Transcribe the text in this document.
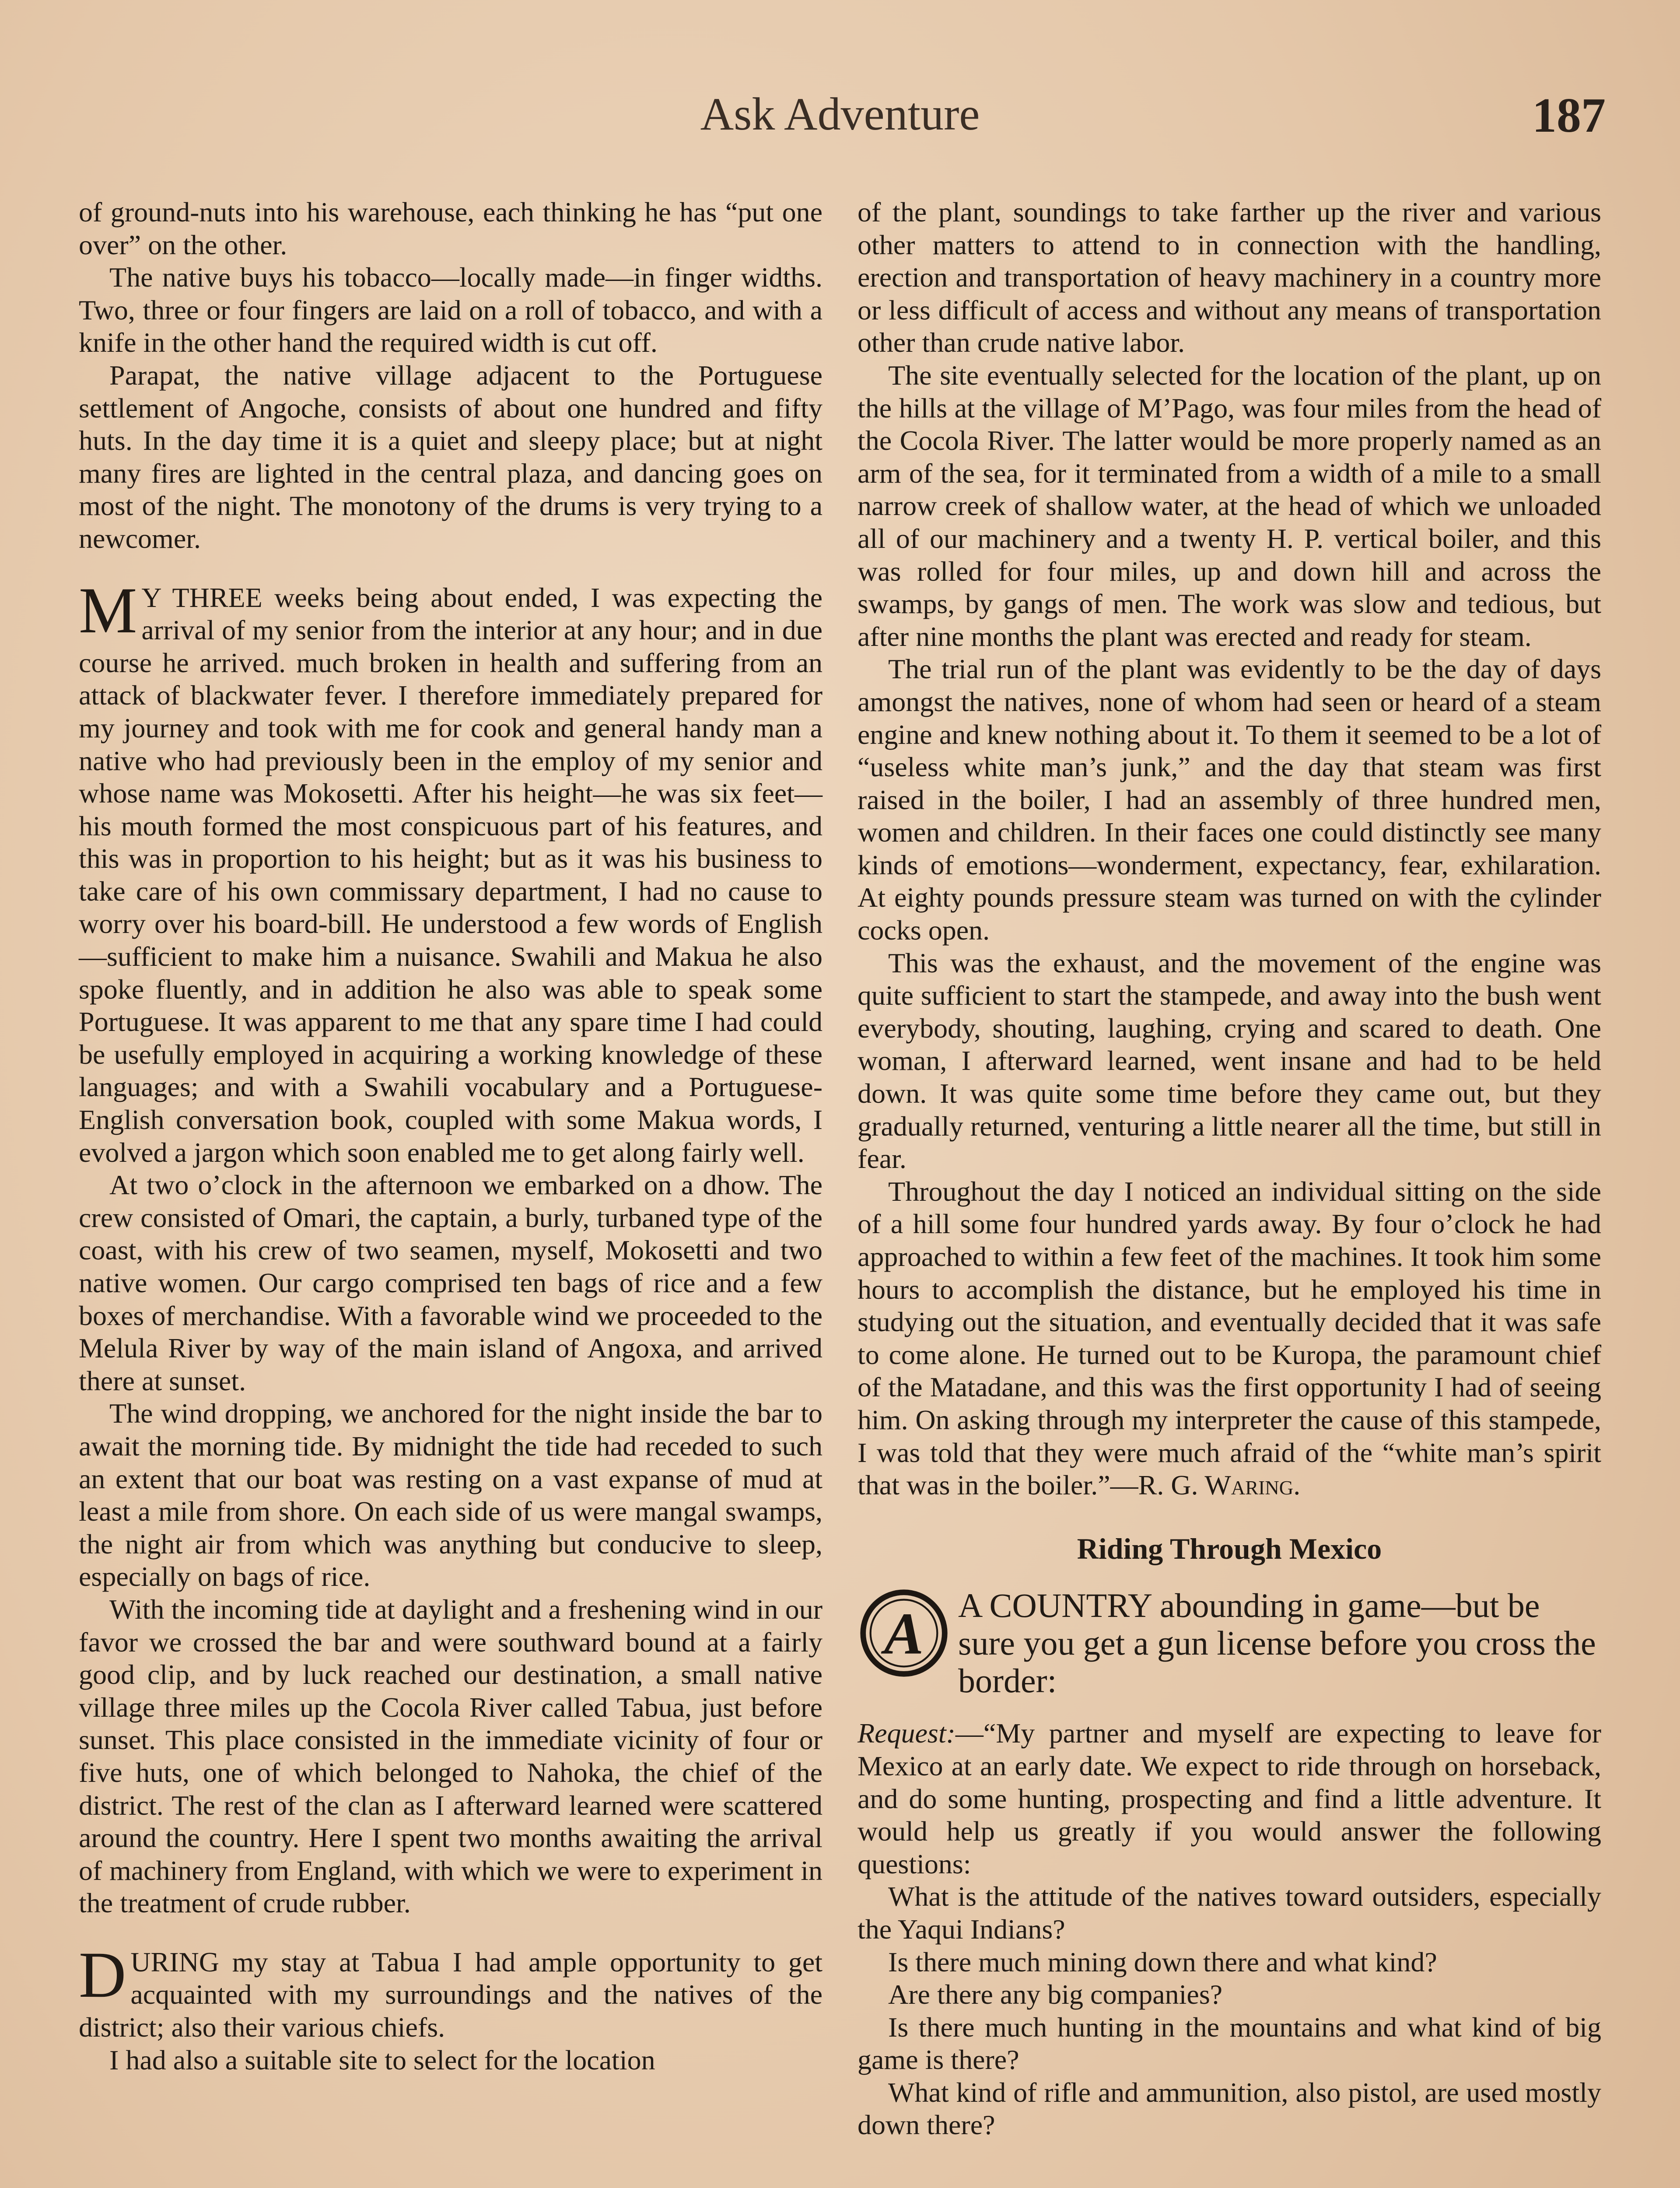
Ask Adventure	187

of ground-nuts into his warehouse, each thinking he has “put one over” on the other.

The native buys his tobacco—locally made—in finger widths. Two, three or four fingers are laid on a roll of tobacco, and with a knife in the other hand the required width is cut off.

Parapat, the native village adjacent to the Portuguese settlement of Angoche, consists of about one hundred and fifty huts. In the day time it is a quiet and sleepy place; but at night many fires are lighted in the central plaza, and dancing goes on most of the night. The monotony of the drums is very trying to a newcomer.

M Y THREE weeks being about ended, I was expecting the arrival of my senior from the interior at any hour; and in due course he arrived. much broken in health and suffering from an attack of blackwater fever. I therefore immediately prepared for my journey and took with me for cook and general handy man a native who had previously been in the employ of my senior and whose name was Mokosetti. After his height—he was six feet—his mouth formed the most conspicuous part of his features, and this was in proportion to his height; but as it was his business to take care of his own commissary department, I had no cause to worry over his board-bill. He understood a few words of English—sufficient to make him a nuisance. Swahili and Makua he also spoke fluently, and in addition he also was able to speak some Portuguese. It was apparent to me that any spare time I had could be usefully employed in acquiring a working knowledge of these languages; and with a Swahili vocabulary and a Portuguese-English conversation book, coupled with some Makua words, I evolved a jargon which soon enabled me to get along fairly well.

At two o’clock in the afternoon we embarked on a dhow. The crew consisted of Omari, the captain, a burly, turbaned type of the coast, with his crew of two seamen, myself, Mokosetti and two native women. Our cargo comprised ten bags of rice and a few boxes of merchandise. With a favorable wind we proceeded to the Melula River by way of the main island of Angoxa, and arrived there at sunset.

The wind dropping, we anchored for the night inside the bar to await the morning tide. By midnight the tide had receded to such an extent that our boat was resting on a vast expanse of mud at least a mile from shore. On each side of us were mangal swamps, the night air from which was anything but conducive to sleep, especially on bags of rice.

With the incoming tide at daylight and a freshening wind in our favor we crossed the bar and were southward bound at a fairly good clip, and by luck reached our destination, a small native village three miles up the Cocola River called Tabua, just before sunset. This place consisted in the immediate vicinity of four or five huts, one of which belonged to Nahoka, the chief of the district. The rest of the clan as I afterward learned were scattered around the country. Here I spent two months awaiting the arrival of machinery from England, with which we were to experiment in the treatment of crude rubber.

DURING my stay at Tabua I had ample opportunity to get acquainted with my surroundings and the natives of the district; also their various chiefs.

I had also a suitable site to select for the location

of the plant, soundings to take farther up the river and various other matters to attend to in connection with the handling, erection and transportation of heavy machinery in a country more or less difficult of access and without any means of transportation other than crude native labor.

The site eventually selected for the location of the plant, up on the hills at the village of M’Pago, was four miles from the head of the Cocola River. The latter would be more properly named as an arm of the sea, for it terminated from a width of a mile to a small narrow creek of shallow water, at the head of which we unloaded all of our machinery and a twenty H. P. vertical boiler, and this was rolled for four miles, up and down hill and across the swamps, by gangs of men. The work was slow and tedious, but after nine months the plant was erected and ready for steam.

The trial run of the plant was evidently to be the day of days amongst the natives, none of whom had seen or heard of a steam engine and knew nothing about it. To them it seemed to be a lot of “useless white man’s junk,” and the day that steam was first raised in the boiler, I had an assembly of three hundred men, women and children. In their faces one could distinctly see many kinds of emotions—wonderment, expectancy, fear, exhilaration. At eighty pounds pressure steam was turned on with the cylinder cocks open.

This was the exhaust, and the movement of the engine was quite sufficient to start the stampede, and away into the bush went everybody, shouting, laughing, crying and scared to death. One woman, I afterward learned, went insane and had to be held down. It was quite some time before they came out, but they gradually returned, venturing a little nearer all the time, but still in fear.

Throughout the day I noticed an individual sitting on the side of a hill some four hundred yards away. By four o’clock he had approached to within a few feet of the machines. It took him some hours to accomplish the distance, but he employed his time in studying out the situation, and eventually decided that it was safe to come alone. He turned out to be Kuropa, the paramount chief of the Matadane, and this was the first opportunity I had of seeing him. On asking through my interpreter the cause of this stampede, I was told that they were much afraid of the “white man’s spirit that was in the boiler.”—R. G. Waring.

Riding Through Mexico

A A COUNTRY abounding in game—but be sure you get a gun license before you cross the border:

Request:—“My partner and myself are expecting to leave for Mexico at an early date. We expect to ride through on horseback, and do some hunting, prospecting and find a little adventure. It would help us greatly if you would answer the following questions:

What is the attitude of the natives toward outsiders, especially the Yaqui Indians?

Is there much mining down there and what kind?

Are there any big companies?

Is there much hunting in the mountains and what kind of big game is there?

What kind of rifle and ammunition, also pistol, are used mostly down there?
